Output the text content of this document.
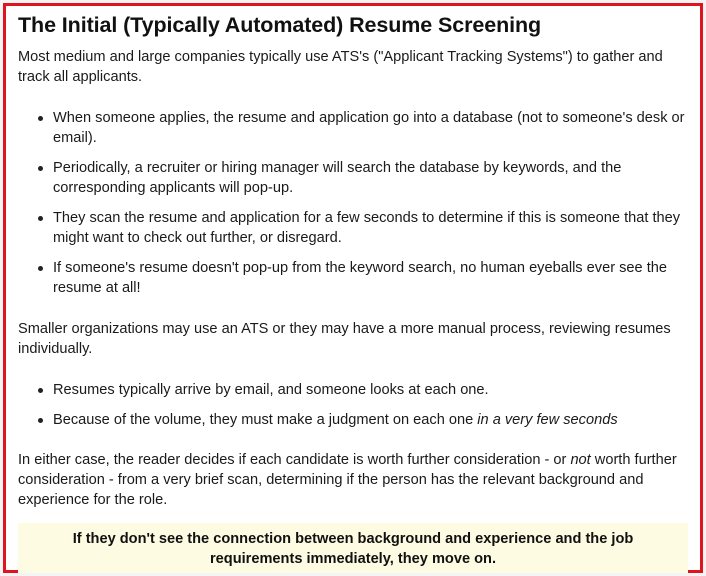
The Initial (Typically Automated) Resume Screening

Most medium and large companies typically use ATS's ("Applicant Tracking Systems") to gather and track all applicants.

When someone applies, the resume and application go into a database (not to someone's desk or email).
Periodically, a recruiter or hiring manager will search the database by keywords, and the corresponding applicants will pop-up.
They scan the resume and application for a few seconds to determine if this is someone that they might want to check out further, or disregard.
If someone's resume doesn't pop-up from the keyword search, no human eyeballs ever see the resume at all!

Smaller organizations may use an ATS or they may have a more manual process, reviewing resumes individually.

Resumes typically arrive by email, and someone looks at each one.
Because of the volume, they must make a judgment on each one in a very few seconds

In either case, the reader decides if each candidate is worth further consideration - or not worth further consideration - from a very brief scan, determining if the person has the relevant background and experience for the role.

If they don't see the connection between background and experience and the job requirements immediately, they move on.
